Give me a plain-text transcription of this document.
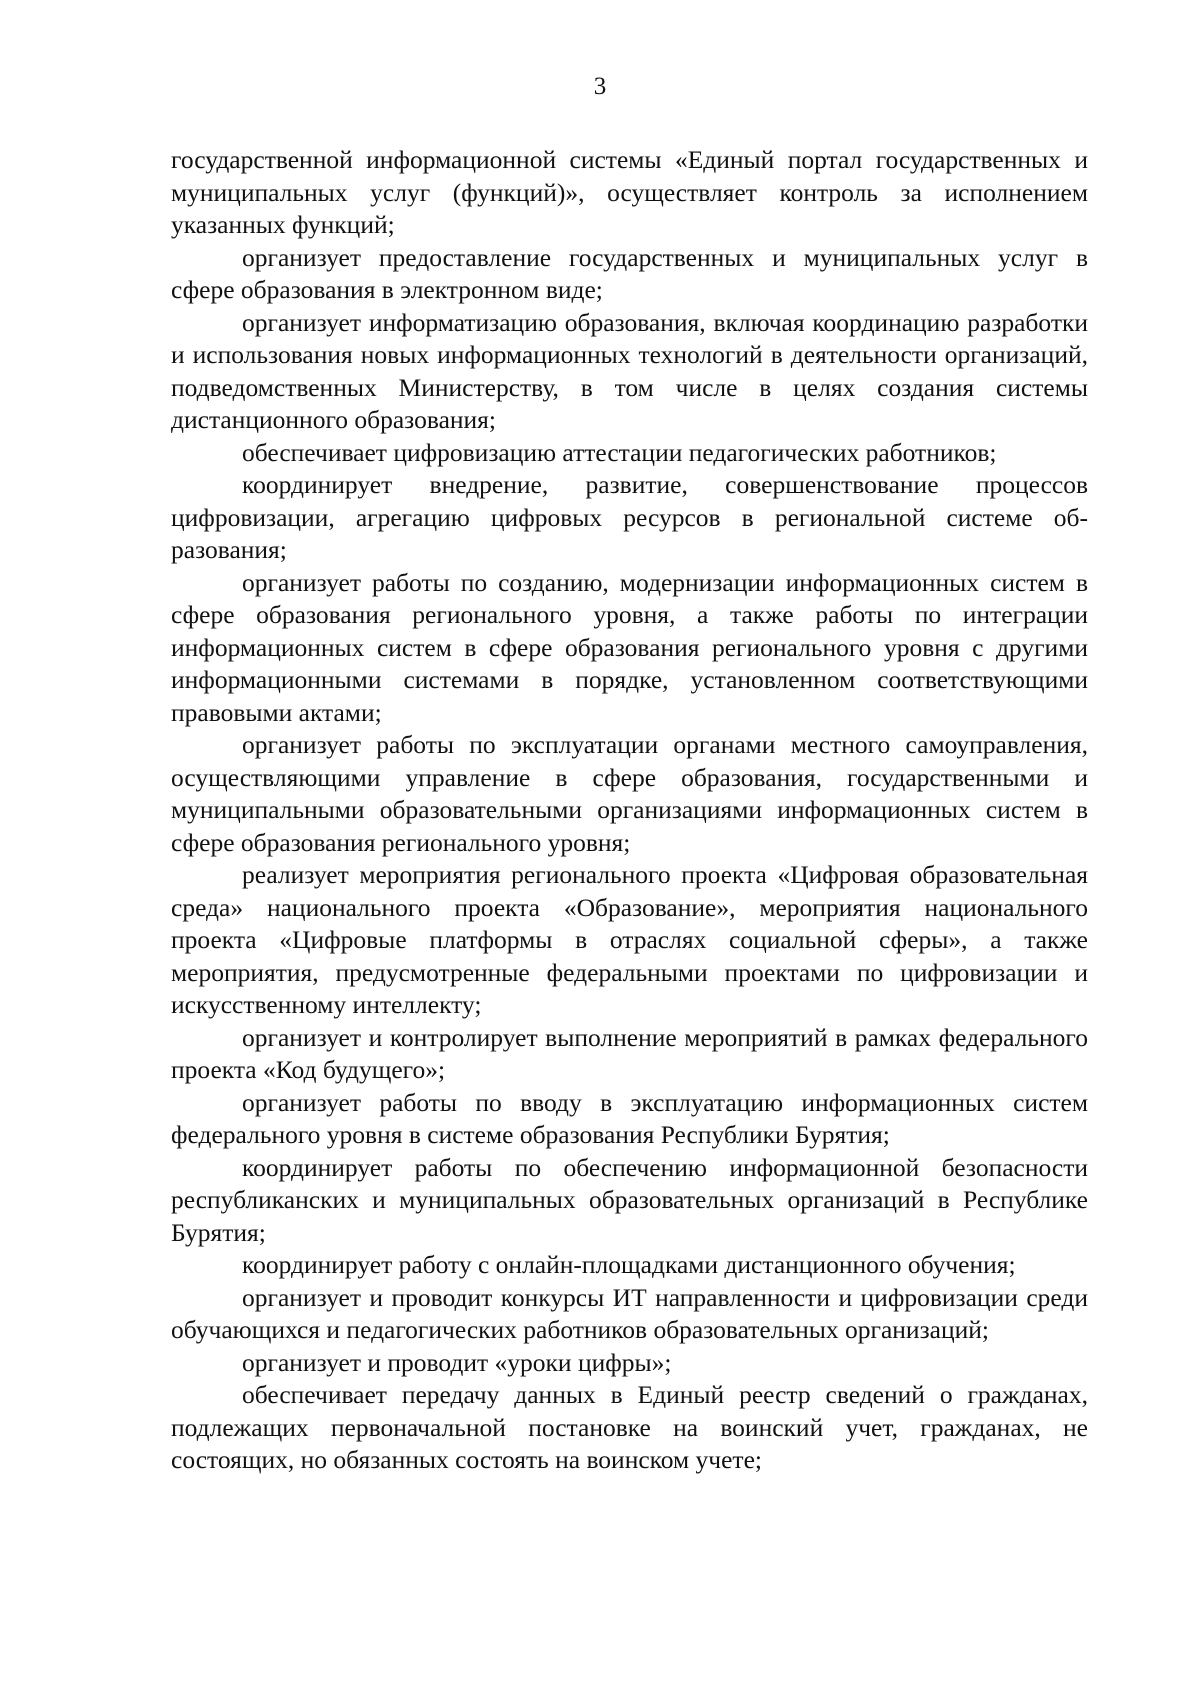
3

государственной информационной системы «Единый портал государственных и муниципальных услуг (функций)», осуществляет контроль за исполнением указанных функций;

организует предоставление государственных и муниципальных услуг в сфере образования в электронном виде;

организует информатизацию образования, включая координацию разработки и использования новых информационных технологий в деятельности организаций, подведомственных Министерству, в том числе в целях создания системы дистанционного образования;

обеспечивает цифровизацию аттестации педагогических работников;

координирует внедрение, развитие, совершенствование процессов цифровизации, агрегацию цифровых ресурсов в региональной системе образования;

организует работы по созданию, модернизации информационных систем в сфере образования регионального уровня, а также работы по интеграции информационных систем в сфере образования регионального уровня с другими информационными системами в порядке, установленном соответствующими правовыми актами;

организует работы по эксплуатации органами местного самоуправления, осуществляющими управление в сфере образования, государственными и муниципальными образовательными организациями информационных систем в сфере образования регионального уровня;

реализует мероприятия регионального проекта «Цифровая образовательная среда» национального проекта «Образование», мероприятия национального проекта «Цифровые платформы в отраслях социальной сферы», а также мероприятия, предусмотренные федеральными проектами по цифровизации и искусственному интеллекту;

организует и контролирует выполнение мероприятий в рамках федерального проекта «Код будущего»;

организует работы по вводу в эксплуатацию информационных систем федерального уровня в системе образования Республики Бурятия;

координирует работы по обеспечению информационной безопасности республиканских и муниципальных образовательных организаций в Республике Бурятия;

координирует работу с онлайн-площадками дистанционного обучения;

организует и проводит конкурсы ИТ направленности и цифровизации среди обучающихся и педагогических работников образовательных организаций;

организует и проводит «уроки цифры»;

обеспечивает передачу данных в Единый реестр сведений о гражданах, подлежащих первоначальной постановке на воинский учет, гражданах, не состоящих, но обязанных состоять на воинском учете;
